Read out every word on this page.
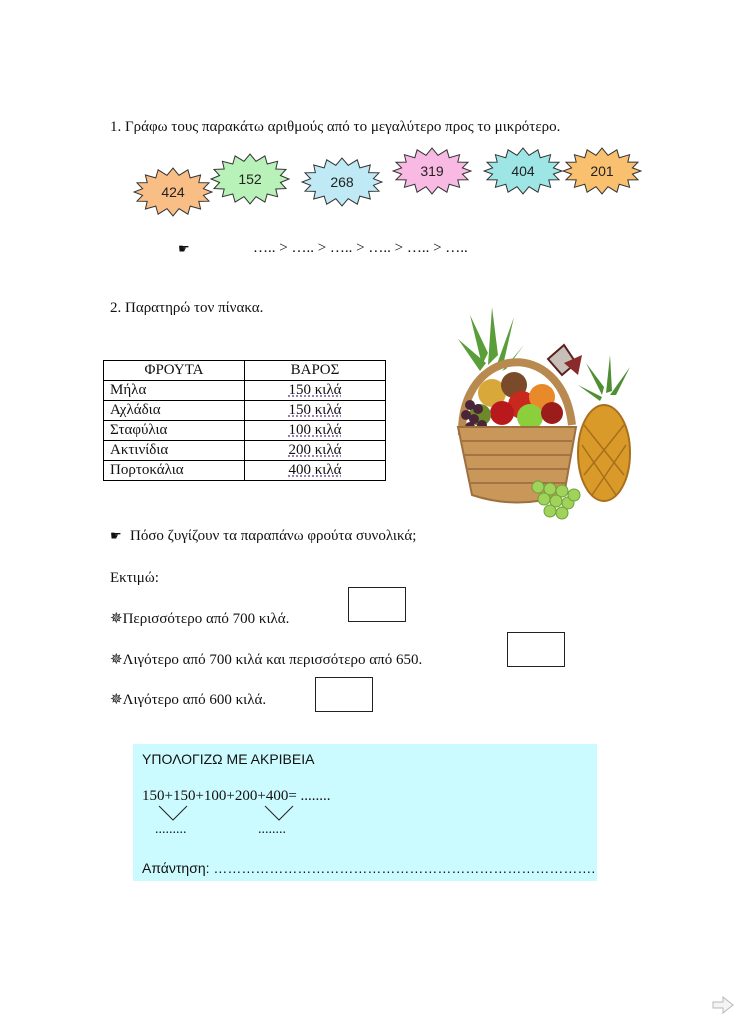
1. Γράφω τους παρακάτω αριθμούς από το μεγαλύτερο προς το μικρότερο.
424
152	268
319	404	201
☛	….. > ….. > ….. > ….. > ….. > …..
2. Παρατηρώ τον πίνακα.
ΦΡΟΥΤΑ	ΒΑΡΟΣ
Μήλα	150 κιλά
Αχλάδια	150 κιλά
Σταφύλια	100 κιλά
Ακτινίδια	200 κιλά
Πορτοκάλια	400 κιλά
☛ Πόσο ζυγίζουν τα παραπάνω φρούτα συνολικά;
Εκτιμώ:
✵Περισσότερο από 700 κιλά.
✵Λιγότερο από 700 κιλά και περισσότερο από 650.
✵Λιγότερο από 600 κιλά.
ΥΠΟΛΟΓΙΖΩ ΜΕ ΑΚΡΙΒΕΙΑ
150+150+100+200+400= ........
.........	........
Απάντηση: ……………………………………………………………………….
